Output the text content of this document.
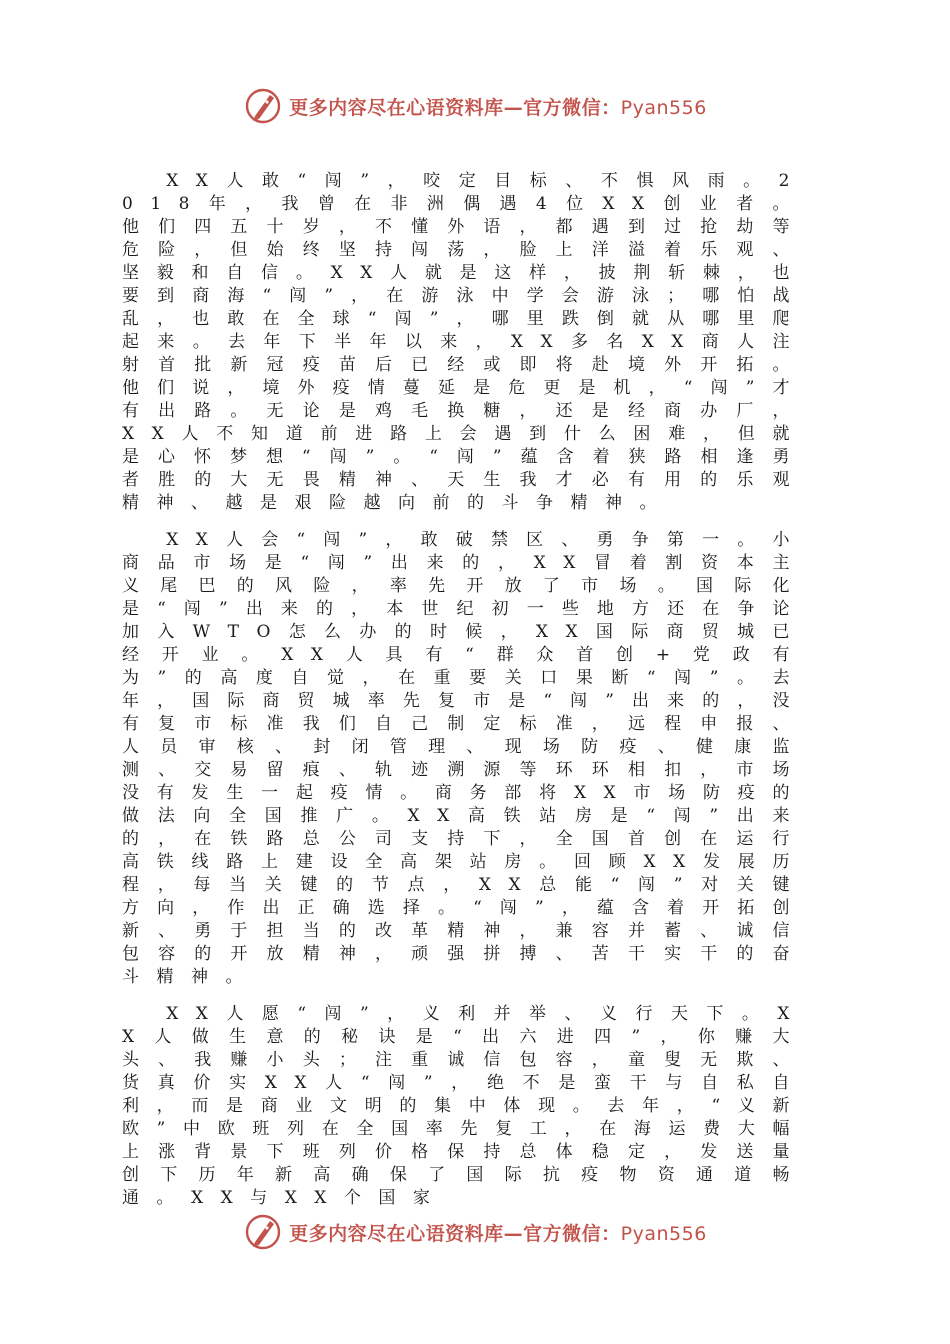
更多内容尽在心语资料库—官方微信：Pyan556

XX人敢“闯”，咬定目标、不惧风雨。2018年，我曾在非洲偶遇4位XX创业者。他们四五十岁，不懂外语，都遇到过抢劫等危险，但始终坚持闯荡，脸上洋溢着乐观、坚毅和自信。XX人就是这样，披荆斩棘，也要到商海“闯”，在游泳中学会游泳；哪怕战乱，也敢在全球“闯”，哪里跌倒就从哪里爬起来。去年下半年以来，XX多名XX商人注射首批新冠疫苗后已经或即将赴境外开拓。他们说，境外疫情蔓延是危更是机，“闯”才有出路。无论是鸡毛换糖，还是经商办厂，XX人不知道前进路上会遇到什么困难，但就是心怀梦想“闯”。“闯”蕴含着狭路相逢勇者胜的大无畏精神、天生我才必有用的乐观精神、越是艰险越向前的斗争精神。

XX人会“闯”，敢破禁区、勇争第一。小商品市场是“闯”出来的，XX冒着割资本主义尾巴的风险，率先开放了市场。国际化是“闯”出来的，本世纪初一些地方还在争论加入WTO怎么办的时候，XX国际商贸城已经开业。XX人具有“群众首创+党政有为”的高度自觉，在重要关口果断“闯”。去年，国际商贸城率先复市是“闯”出来的，没有复市标准我们自己制定标准，远程申报、人员审核、封闭管理、现场防疫、健康监测、交易留痕、轨迹溯源等环环相扣，市场没有发生一起疫情。商务部将XX市场防疫的做法向全国推广。XX高铁站房是“闯”出来的，在铁路总公司支持下，全国首创在运行高铁线路上建设全高架站房。回顾XX发展历程，每当关键的节点，XX总能“闯”对关键方向，作出正确选择。“闯”，蕴含着开拓创新、勇于担当的改革精神，兼容并蓄、诚信包容的开放精神，顽强拼搏、苦干实干的奋斗精神。

XX人愿“闯”，义利并举、义行天下。XX人做生意的秘诀是“出六进四”，你赚大头、我赚小头；注重诚信包容，童叟无欺、货真价实XX人“闯”，绝不是蛮干与自私自利，而是商业文明的集中体现。去年，“义新欧”中欧班列在全国率先复工，在海运费大幅上涨背景下班列价格保持总体稳定，发送量创下历年新高确保了国际抗疫物资通道畅通。XX与XX个国家

更多内容尽在心语资料库—官方微信：Pyan556
